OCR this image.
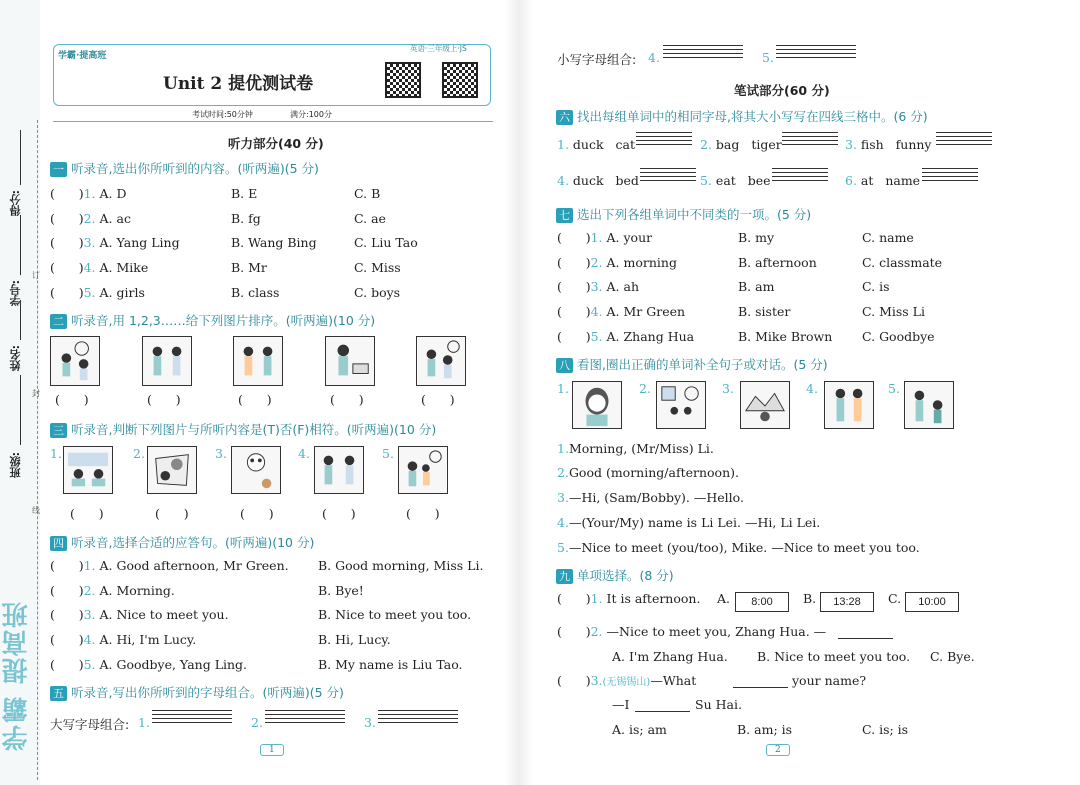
得分:
学号:
姓名:
班级:
订
封
线
学霸 提高班
学霸·提高班
英语·三年级上·JS
Unit 2 提优测试卷
考试时间:50分钟	满分:100分
听力部分(40 分)
一 听录音,选出你所听到的内容。(听两遍)(5 分)
(      )1. A. D	B. E	C. B
(      )2. A. ac	B. fg	C. ae
(      )3. A. Yang Ling	B. Wang Bing	C. Liu Tao
(      )4. A. Mike	B. Mr	C. Miss
(      )5. A. girls	B. class	C. boys
二 听录音,用 1,2,3……给下列图片排序。(听两遍)(10 分)
(      )	(      )	(      )	(      )	(      )
三 听录音,判断下列图片与所听内容是(T)否(F)相符。(听两遍)(10 分)
1.	2.	3.	4.	5.
(      )	(      )	(      )	(      )	(      )
四 听录音,选择合适的应答句。(听两遍)(10 分)
(      )1. A. Good afternoon, Mr Green. B. Good morning, Miss Li.
(      )2. A. Morning.	B. Bye!
(      )3. A. Nice to meet you.	B. Nice to meet you too.
(      )4. A. Hi, I'm Lucy.	B. Hi, Lucy.
(      )5. A. Goodbye, Yang Ling.	B. My name is Liu Tao.
五 听录音,写出你所听到的字母组合。(听两遍)(5 分)
大写字母组合: 1.	2.	3.
1
小写字母组合: 4.	5.
笔试部分(60 分)
六 找出每组单词中的相同字母,将其大小写写在四线三格中。(6 分)
1. duck cat	2. bag tiger	3. fish funny
4. duck bed	5. eat bee	6. at name
七 选出下列各组单词中不同类的一项。(5 分)
(      )1. A. your	B. my	C. name
(      )2. A. morning	B. afternoon	C. classmate
(      )3. A. ah	B. am	C. is
(      )4. A. Mr Green	B. sister	C. Miss Li
(      )5. A. Zhang Hua	B. Mike Brown C. Goodbye
八 看图,圈出正确的单词补全句子或对话。(5 分)
1.	2.	3.	4.	5.
1.Morning, (Mr/Miss) Li.
2.Good (morning/afternoon).
3.—Hi, (Sam/Bobby). —Hello.
4.—(Your/My) name is Li Lei. —Hi, Li Lei.
5.—Nice to meet (you/too), Mike. —Nice to meet you too.
九 单项选择。(8 分)
(      )1. It is afternoon. A.	8:00	B.	13:28	C.	10:00
(      )2. —Nice to meet you, Zhang Hua. —
A. I'm Zhang Hua. B. Nice to meet you too. C. Bye.
(      )3.(无锡锡山)—What	your name?
—I	Su Hai.
A. is; am	B. am; is	C. is; is
2
